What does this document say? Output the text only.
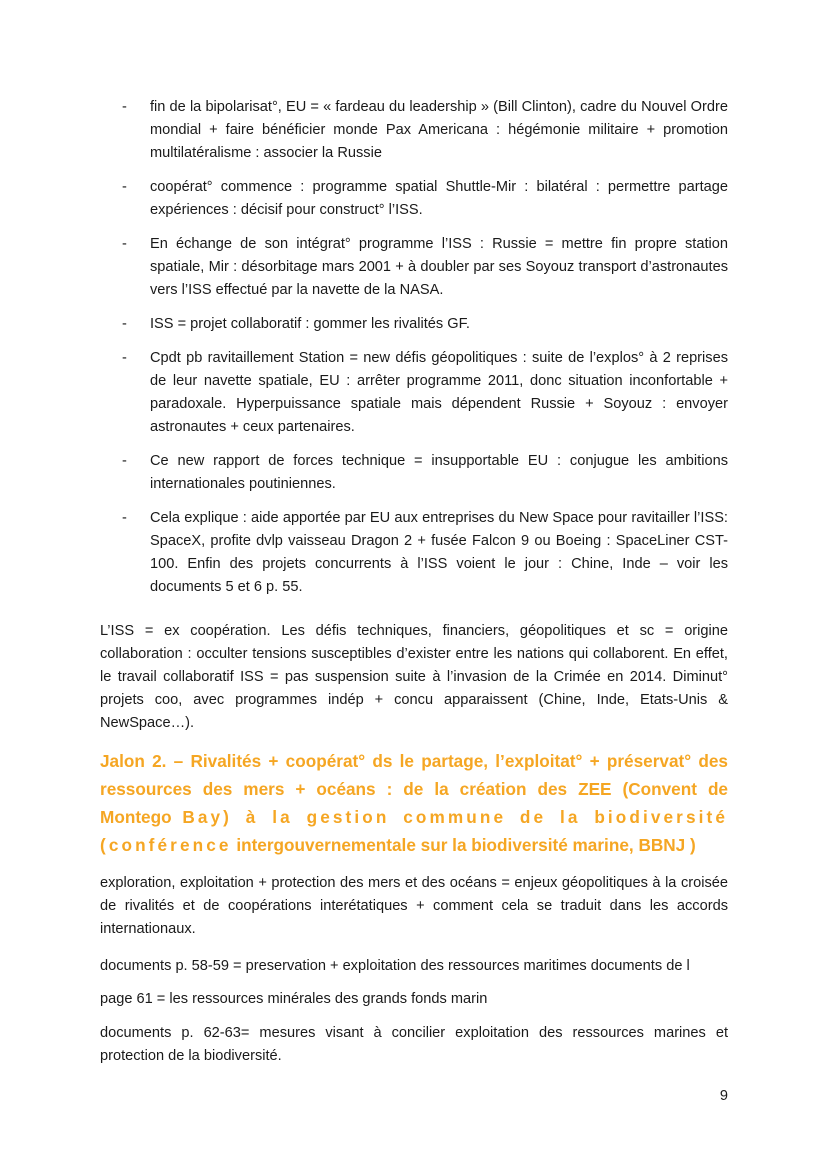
- fin de la bipolarisat°, EU = « fardeau du leadership » (Bill Clinton), cadre du Nouvel Ordre mondial + faire bénéficier monde Pax Americana : hégémonie militaire + promotion multilatéralisme : associer la Russie
- coopérat° commence : programme spatial Shuttle-Mir : bilatéral : permettre partage expériences : décisif pour construct° l’ISS.
- En échange de son intégrat° programme l’ISS : Russie = mettre fin propre station spatiale, Mir : désorbitage mars 2001 + à doubler par ses Soyouz transport d’astronautes vers l’ISS effectué par la navette de la NASA.
- ISS = projet collaboratif : gommer les rivalités GF.
- Cpdt pb ravitaillement Station = new défis géopolitiques : suite de l’explos° à 2 reprises de leur navette spatiale, EU : arrêter programme 2011, donc situation inconfortable + paradoxale. Hyperpuissance spatiale mais dépendent Russie + Soyouz : envoyer astronautes + ceux partenaires.
- Ce new rapport de forces technique = insupportable EU : conjugue les ambitions internationales poutiniennes.
- Cela explique : aide apportée par EU aux entreprises du New Space pour ravitailler l’ISS: SpaceX, profite dvlp vaisseau Dragon 2 + fusée Falcon 9 ou Boeing : SpaceLiner CST-100. Enfin des projets concurrents à l’ISS voient le jour : Chine, Inde – voir les documents 5 et 6 p. 55.

L’ISS = ex coopération. Les défis techniques, financiers, géopolitiques et sc = origine collaboration : occulter tensions susceptibles d’exister entre les nations qui collaborent. En effet, le travail collaboratif ISS = pas suspension suite à l’invasion de la Crimée en 2014. Diminut° projets coo, avec programmes indép + concu apparaissent (Chine, Inde, Etats-Unis & NewSpace…).

Jalon 2. – Rivalités + coopérat° ds le partage, l’exploitat° + préservat° des ressources des mers + océans : de la création des ZEE (Convent de Montego Bay) à la gestion commune de la biodiversité (conférence intergouvernementale sur la biodiversité marine, BBNJ )

exploration, exploitation + protection des mers et des océans = enjeux géopolitiques à la croisée de rivalités et de coopérations interétatiques + comment cela se traduit dans les accords internationaux.

documents p. 58-59 = preservation + exploitation des ressources maritimes documents de l
page 61 = les ressources minérales des grands fonds marin

documents p. 62-63= mesures visant à concilier exploitation des ressources marines et protection de la biodiversité.

9
